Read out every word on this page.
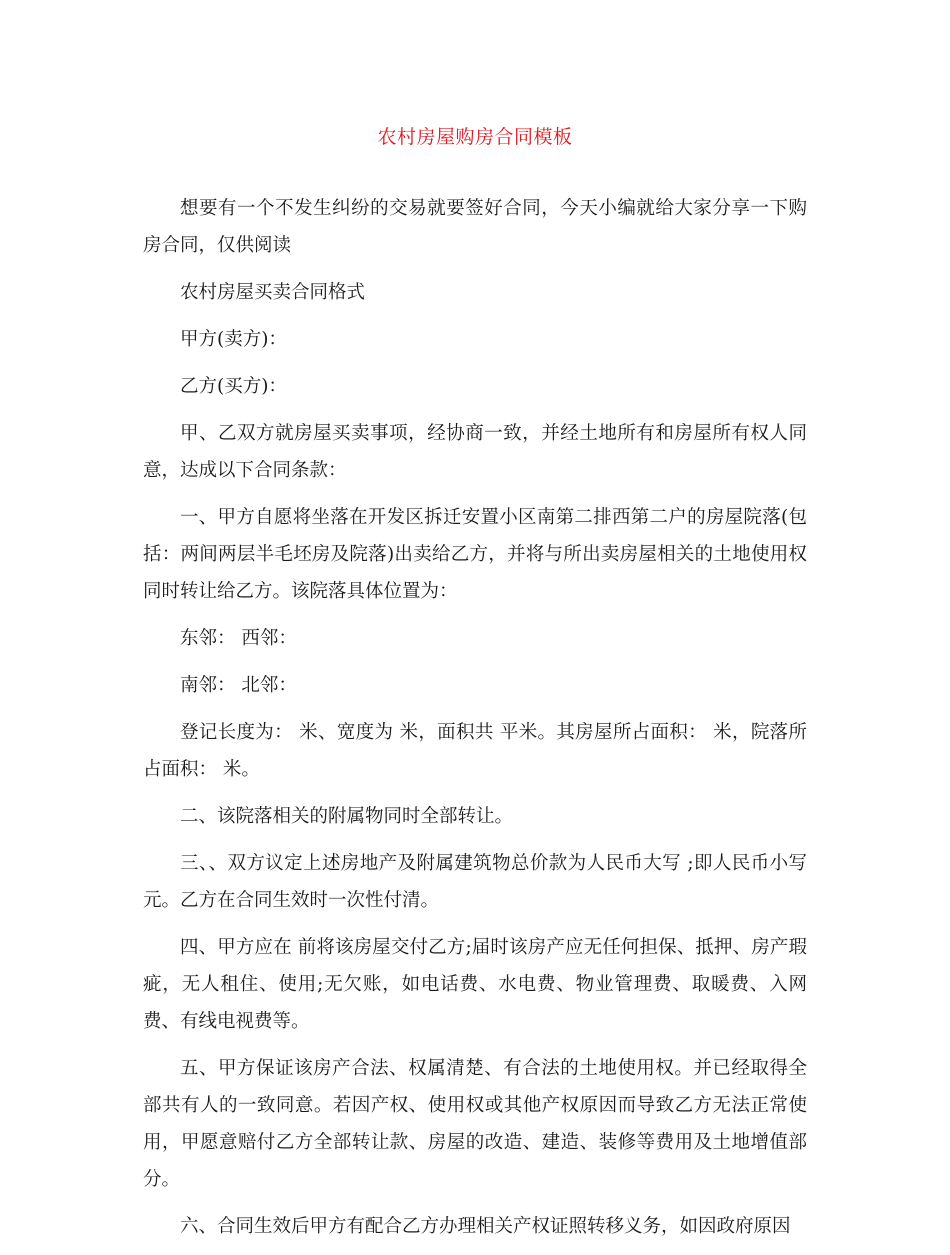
农村房屋购房合同模板

想要有一个不发生纠纷的交易就要签好合同，今天小编就给大家分享一下购房合同，仅供阅读

农村房屋买卖合同格式

甲方(卖方)：

乙方(买方)：

甲、乙双方就房屋买卖事项，经协商一致，并经土地所有和房屋所有权人同意，达成以下合同条款：

一、甲方自愿将坐落在开发区拆迁安置小区南第二排西第二户的房屋院落(包括：两间两层半毛坯房及院落)出卖给乙方，并将与所出卖房屋相关的土地使用权同时转让给乙方。该院落具体位置为：

东邻： 西邻：

南邻： 北邻：

登记长度为： 米、宽度为 米，面积共 平米。其房屋所占面积： 米，院落所占面积： 米。

二、该院落相关的附属物同时全部转让。

三、、双方议定上述房地产及附属建筑物总价款为人民币大写 ;即人民币小写 元。乙方在合同生效时一次性付清。

四、甲方应在 前将该房屋交付乙方;届时该房产应无任何担保、抵押、房产瑕疵，无人租住、使用;无欠账，如电话费、水电费、物业管理费、取暖费、入网费、有线电视费等。

五、甲方保证该房产合法、权属清楚、有合法的土地使用权。并已经取得全部共有人的一致同意。若因产权、使用权或其他产权原因而导致乙方无法正常使用，甲愿意赔付乙方全部转让款、房屋的改造、建造、装修等费用及土地增值部分。

六、合同生效后甲方有配合乙方办理相关产权证照转移义务，如因政府原因
